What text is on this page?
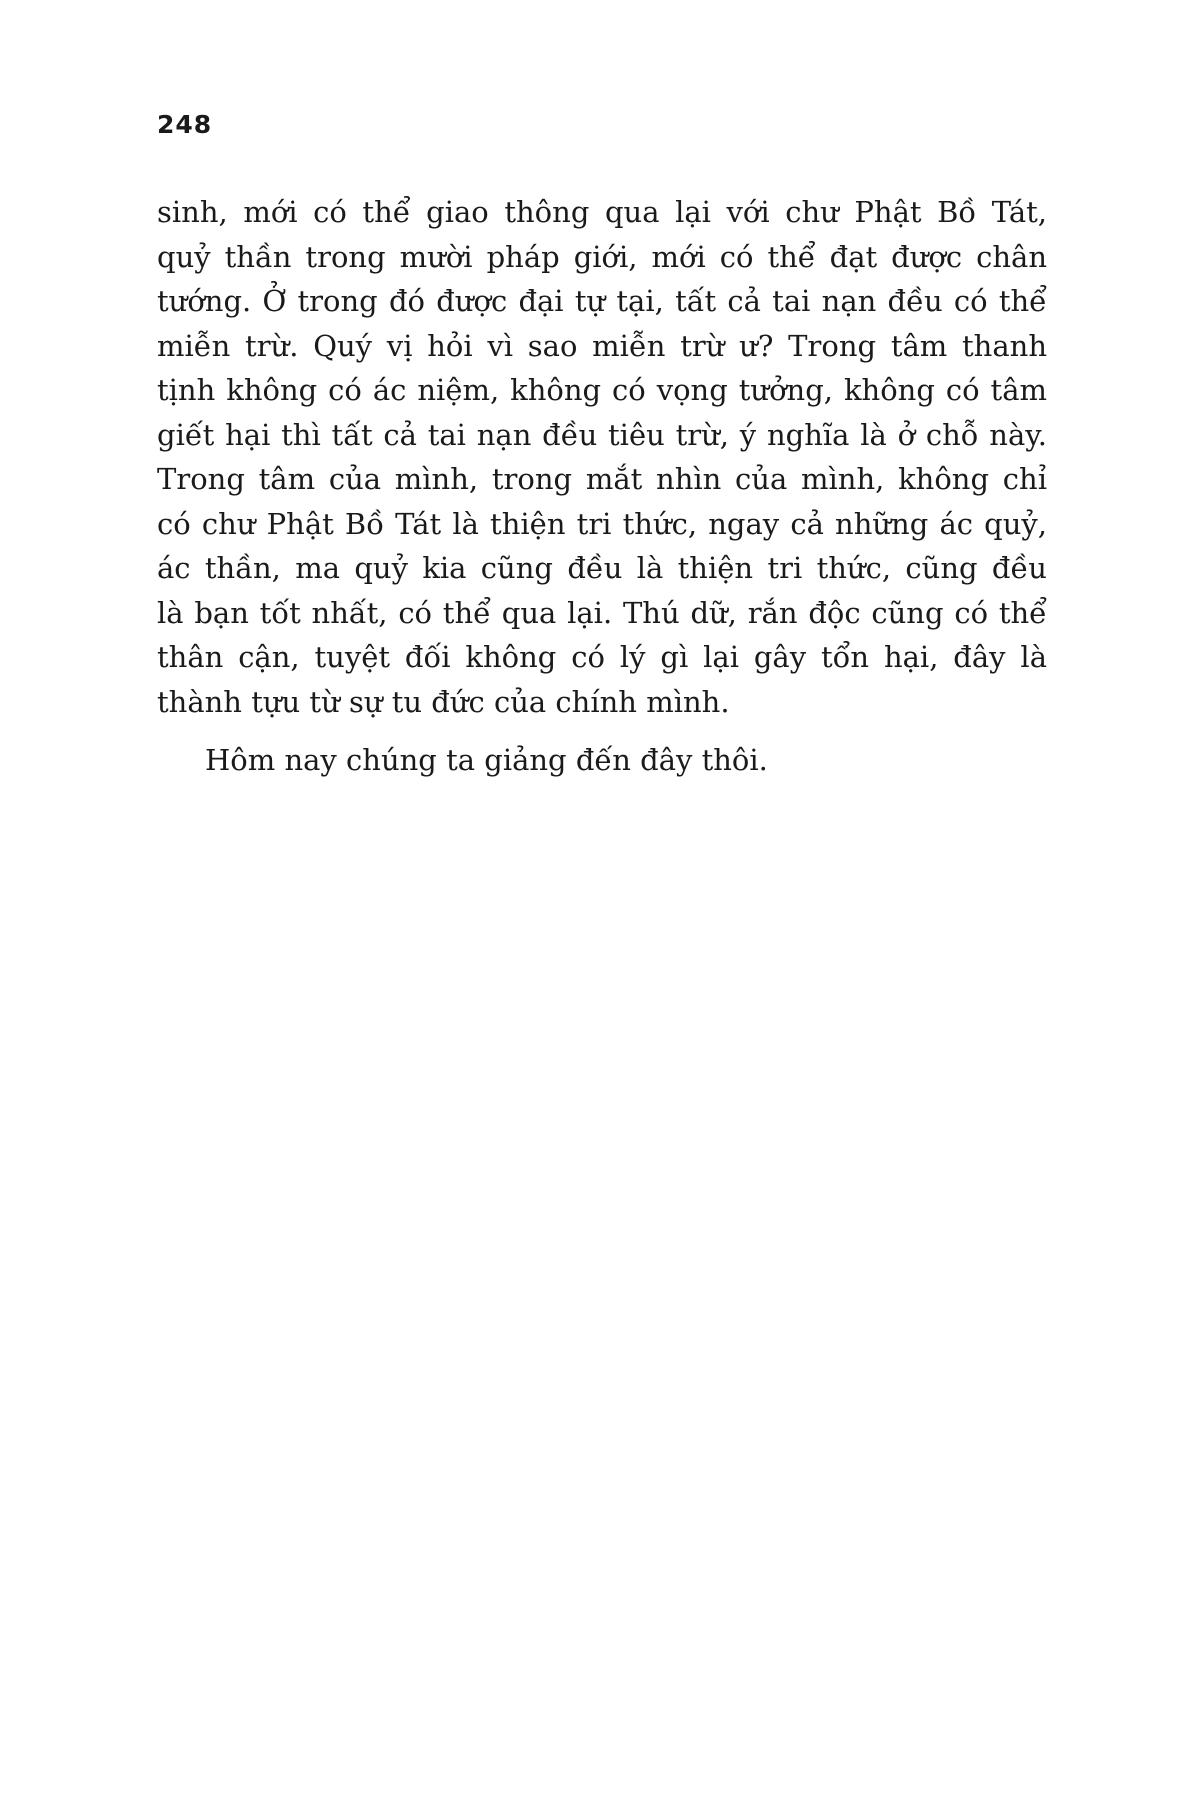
248
sinh, mới có thể giao thông qua lại với chư Phật Bồ Tát,
quỷ thần trong mười pháp giới, mới có thể đạt được chân
tướng. Ở trong đó được đại tự tại, tất cả tai nạn đều có thể
miễn trừ. Quý vị hỏi vì sao miễn trừ ư? Trong tâm thanh
tịnh không có ác niệm, không có vọng tưởng, không có tâm
giết hại thì tất cả tai nạn đều tiêu trừ, ý nghĩa là ở chỗ này.
Trong tâm của mình, trong mắt nhìn của mình, không chỉ
có chư Phật Bồ Tát là thiện tri thức, ngay cả những ác quỷ,
ác thần, ma quỷ kia cũng đều là thiện tri thức, cũng đều
là bạn tốt nhất, có thể qua lại. Thú dữ, rắn độc cũng có thể
thân cận, tuyệt đối không có lý gì lại gây tổn hại, đây là
thành tựu từ sự tu đức của chính mình.
Hôm nay chúng ta giảng đến đây thôi.
